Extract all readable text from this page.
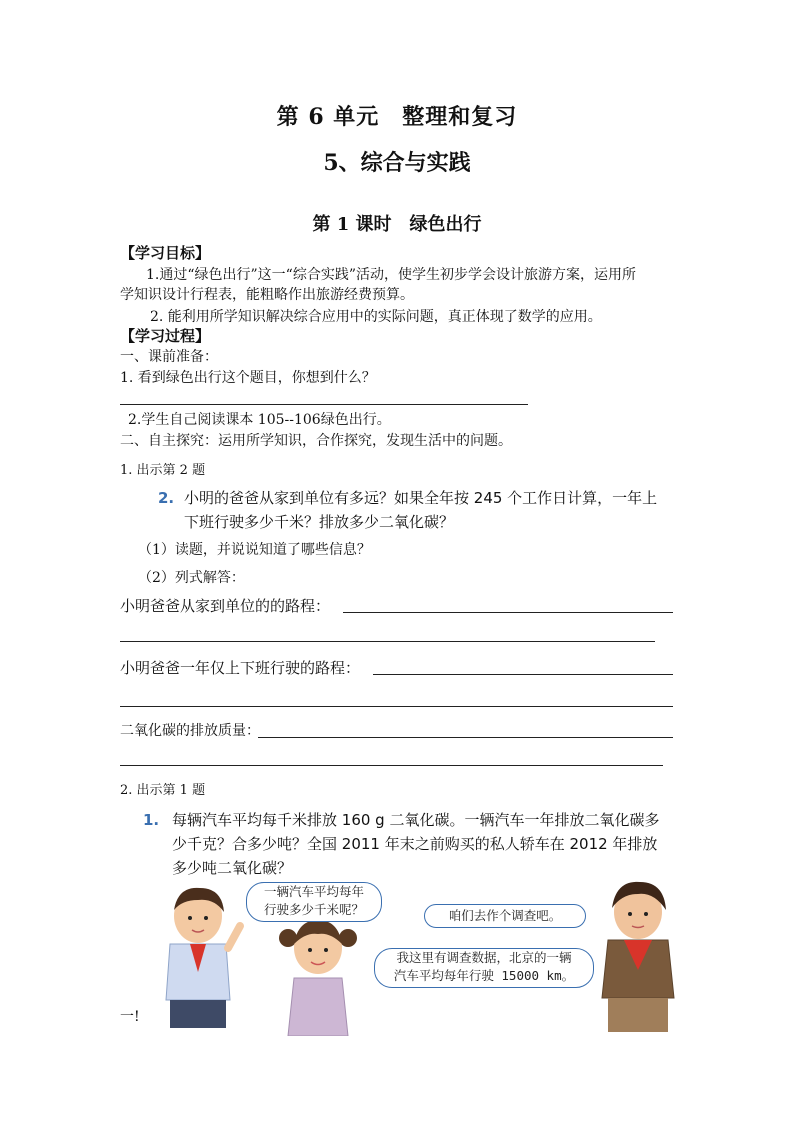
第 6 单元　整理和复习
5、综合与实践
第 1 课时　绿色出行
【学习目标】
1.通过“绿色出行”这一“综合实践”活动，使学生初步学会设计旅游方案，运用所
学知识设计行程表，能粗略作出旅游经费预算。
2. 能利用所学知识解决综合应用中的实际问题，真正体现了数学的应用。
【学习过程】
一、课前准备：
1. 看到绿色出行这个题目，你想到什么？
2.学生自己阅读课本 105--106绿色出行。
二、自主探究：运用所学知识，合作探究，发现生活中的问题。
1. 出示第 2 题
2. 小明的爸爸从家到单位有多远？如果全年按 245 个工作日计算，一年上
下班行驶多少千米？排放多少二氧化碳？
（1）读题，并说说知道了哪些信息？
（2）列式解答：
小明爸爸从家到单位的的路程：
小明爸爸一年仅上下班行驶的路程：
二氧化碳的排放质量：
2. 出示第 1 题
1. 每辆汽车平均每千米排放 160 g 二氧化碳。一辆汽车一年排放二氧化碳多
少千克？合多少吨？全国 2011 年末之前购买的私人轿车在 2012 年排放
多少吨二氧化碳？
一辆汽车平均每年
行驶多少千米呢？
我这里有调查数据，北京的一辆
汽车平均每年行驶 15000 km。
咱们去作个调查吧。
一!
